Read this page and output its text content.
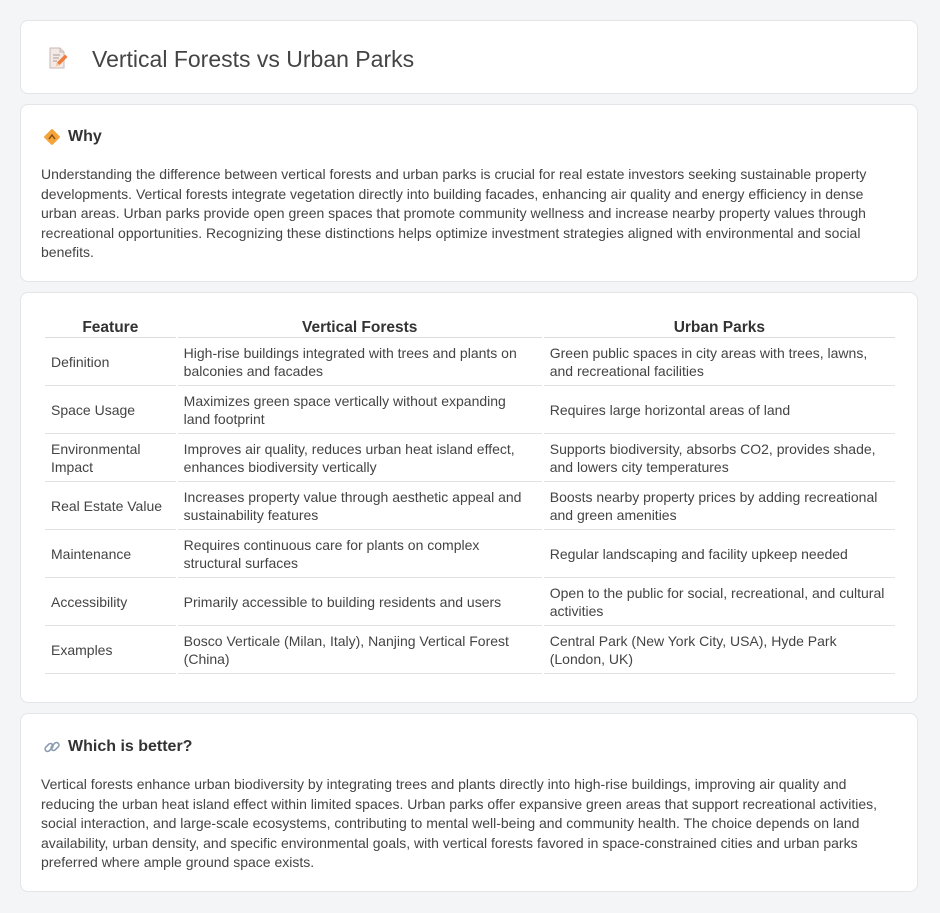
Vertical Forests vs Urban Parks
Why

Understanding the difference between vertical forests and urban parks is crucial for real estate investors seeking sustainable property developments. Vertical forests integrate vegetation directly into building facades, enhancing air quality and energy efficiency in dense urban areas. Urban parks provide open green spaces that promote community wellness and increase nearby property values through recreational opportunities. Recognizing these distinctions helps optimize investment strategies aligned with environmental and social benefits.

Feature	Vertical Forests	Urban Parks
Definition	High-rise buildings integrated with trees and plants on balconies and facades	Green public spaces in city areas with trees, lawns, and recreational facilities
Space Usage	Maximizes green space vertically without expanding land footprint	Requires large horizontal areas of land
Environmental Impact	Improves air quality, reduces urban heat island effect, enhances biodiversity vertically	Supports biodiversity, absorbs CO2, provides shade, and lowers city temperatures
Real Estate Value	Increases property value through aesthetic appeal and sustainability features	Boosts nearby property prices by adding recreational and green amenities
Maintenance	Requires continuous care for plants on complex structural surfaces	Regular landscaping and facility upkeep needed
Accessibility	Primarily accessible to building residents and users	Open to the public for social, recreational, and cultural activities
Examples	Bosco Verticale (Milan, Italy), Nanjing Vertical Forest (China)	Central Park (New York City, USA), Hyde Park (London, UK)
Which is better?

Vertical forests enhance urban biodiversity by integrating trees and plants directly into high-rise buildings, improving air quality and reducing the urban heat island effect within limited spaces. Urban parks offer expansive green areas that support recreational activities, social interaction, and large-scale ecosystems, contributing to mental well-being and community health. The choice depends on land availability, urban density, and specific environmental goals, with vertical forests favored in space-constrained cities and urban parks preferred where ample ground space exists.
